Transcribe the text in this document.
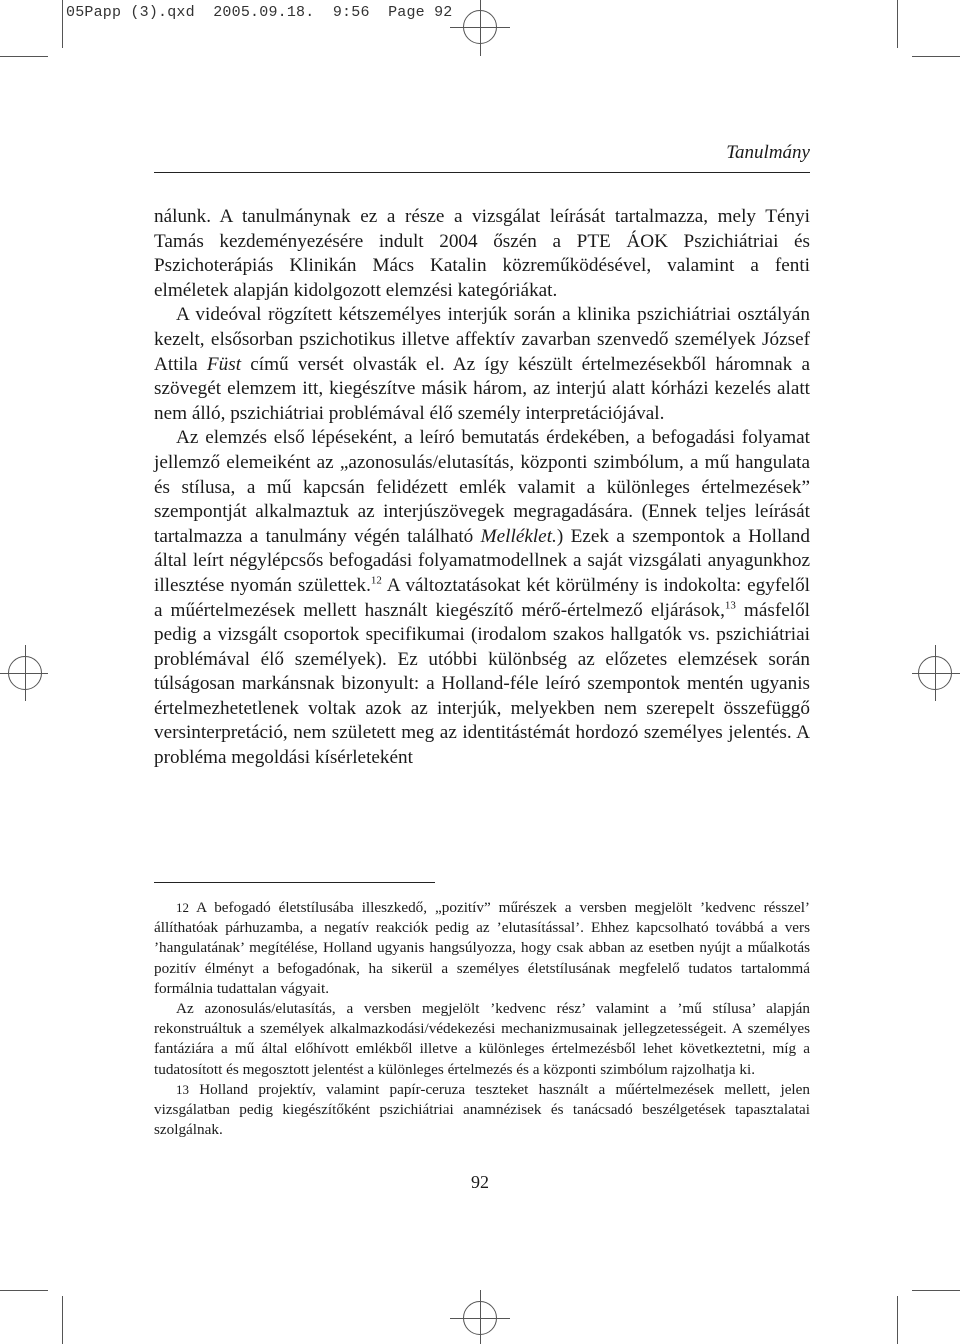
05Papp (3).qxd 2005.09.18. 9:56 Page 92
Tanulmány

nálunk. A tanulmánynak ez a része a vizsgálat leírását tartalmazza, mely Tényi Tamás kezdeményezésére indult 2004 őszén a PTE ÁOK Pszichiátriai és Pszichoterápiás Klinikán Mács Katalin közreműködésével, valamint a fenti elméletek alapján kidolgozott elemzési kategóriákat.

A videóval rögzített kétszemélyes interjúk során a klinika pszichiátriai osztályán kezelt, elsősorban pszichotikus illetve affektív zavarban szenvedő személyek József Attila Füst című versét olvasták el. Az így készült értelmezésekből háromnak a szövegét elemzem itt, kiegészítve másik három, az interjú alatt kórházi kezelés alatt nem álló, pszichiátriai problémával élő személy interpretációjával.

Az elemzés első lépéseként, a leíró bemutatás érdekében, a befogadási folyamat jellemző elemeiként az „azonosulás/elutasítás, központi szimbólum, a mű hangulata és stílusa, a mű kapcsán felidézett emlék valamit a különleges értelmezések” szempontját alkalmaztuk az interjúszövegek megragadására. (Ennek teljes leírását tartalmazza a tanulmány végén található Melléklet.) Ezek a szempontok a Holland által leírt négylépcsős befogadási folyamatmodellnek a saját vizsgálati anyagunkhoz illesztése nyomán születtek.$^{12}$ A változtatásokat két körülmény is indokolta: egyfelől a műértelmezések mellett használt kiegészítő mérő-értelmező eljárások,$^{13}$ másfelől pedig a vizsgált csoportok specifikumai (irodalom szakos hallgatók vs. pszichiátriai problémával élő személyek). Ez utóbbi különbség az előzetes elemzések során túlságosan markánsnak bizonyult: a Holland-féle leíró szempontok mentén ugyanis értelmezhetetlenek voltak azok az interjúk, melyekben nem szerepelt összefüggő versinterpretáció, nem született meg az identitástémát hordozó személyes jelentés. A probléma megoldási kísérleteként

12 A befogadó életstílusába illeszkedő, „pozitív” műrészek a versben megjelölt ’kedvenc résszel’ állíthatóak párhuzamba, a negatív reakciók pedig az ’elutasítással’. Ehhez kapcsolható továbbá a vers ’hangulatának’ megítélése, Holland ugyanis hangsúlyozza, hogy csak abban az esetben nyújt a műalkotás pozitív élményt a befogadónak, ha sikerül a személyes életstílusának megfelelő tudatos tartalommá formálnia tudattalan vágyait.

Az azonosulás/elutasítás, a versben megjelölt ’kedvenc rész’ valamint a ’mű stílusa’ alapján rekonstruáltuk a személyek alkalmazkodási/védekezési mechanizmusainak jellegzetességeit. A személyes fantáziára a mű által előhívott emlékből illetve a különleges értelmezésből lehet következtetni, míg a tudatosított és megosztott jelentést a különleges értelmezés és a központi szimbólum rajzolhatja ki.

13 Holland projektív, valamint papír-ceruza teszteket használt a műértelmezések mellett, jelen vizsgálatban pedig kiegészítőként pszichiátriai anamnézisek és tanácsadó beszélgetések tapasztalatai szolgálnak.

92
